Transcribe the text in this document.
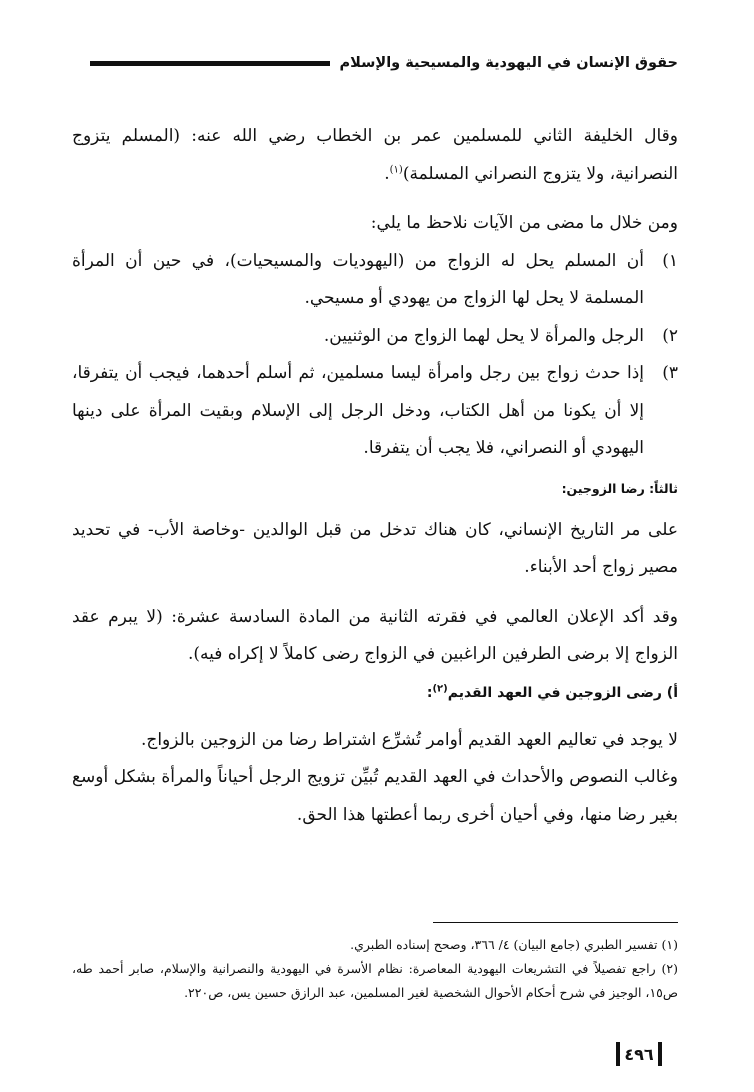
حقوق الإنسان في اليهودية والمسيحية والإسلام

وقال الخليفة الثاني للمسلمين عمر بن الخطاب رضي الله عنه: (المسلم يتزوج النصرانية، ولا يتزوج النصراني المسلمة)$^{(١)}$.

ومن خلال ما مضى من الآيات نلاحظ ما يلي:

١)
أن المسلم يحل له الزواج من (اليهوديات والمسيحيات)، في حين أن المرأة المسلمة لا يحل لها الزواج من يهودي أو مسيحي.
٢)
الرجل والمرأة لا يحل لهما الزواج من الوثنيين.
٣)
إذا حدث زواج بين رجل وامرأة ليسا مسلمين، ثم أسلم أحدهما، فيجب أن يتفرقا، إلا أن يكونا من أهل الكتاب، ودخل الرجل إلى الإسلام وبقيت المرأة على دينها اليهودي أو النصراني، فلا يجب أن يتفرقا.
ثالثاً: رضا الزوجين:

على مر التاريخ الإنساني، كان هناك تدخل من قبل الوالدين -وخاصة الأب- في تحديد مصير زواج أحد الأبناء.

وقد أكد الإعلان العالمي في فقرته الثانية من المادة السادسة عشرة: (لا يبرم عقد الزواج إلا برضى الطرفين الراغبين في الزواج رضى كاملاً لا إكراه فيه).

أ) رضى الزوجين في العهد القديم$^{(٢)}$:

لا يوجد في تعاليم العهد القديم أوامر تُشرِّع اشتراط رضا من الزوجين بالزواج.

وغالب النصوص والأحداث في العهد القديم تُبيِّن تزويج الرجل أحياناً والمرأة بشكل أوسع بغير رضا منها، وفي أحيان أخرى ربما أعطتها هذا الحق.

(١) تفسير الطبري (جامع البيان) ٤/ ٣٦٦، وصحح إسناده الطبري.

(٢) راجع تفصيلاً في التشريعات اليهودية المعاصرة: نظام الأسرة في اليهودية والنصرانية والإسلام، صابر أحمد طه، ص١٥، الوجيز في شرح أحكام الأحوال الشخصية لغير المسلمين، عبد الرازق حسين يس، ص٢٢٠.

٤٩٦
